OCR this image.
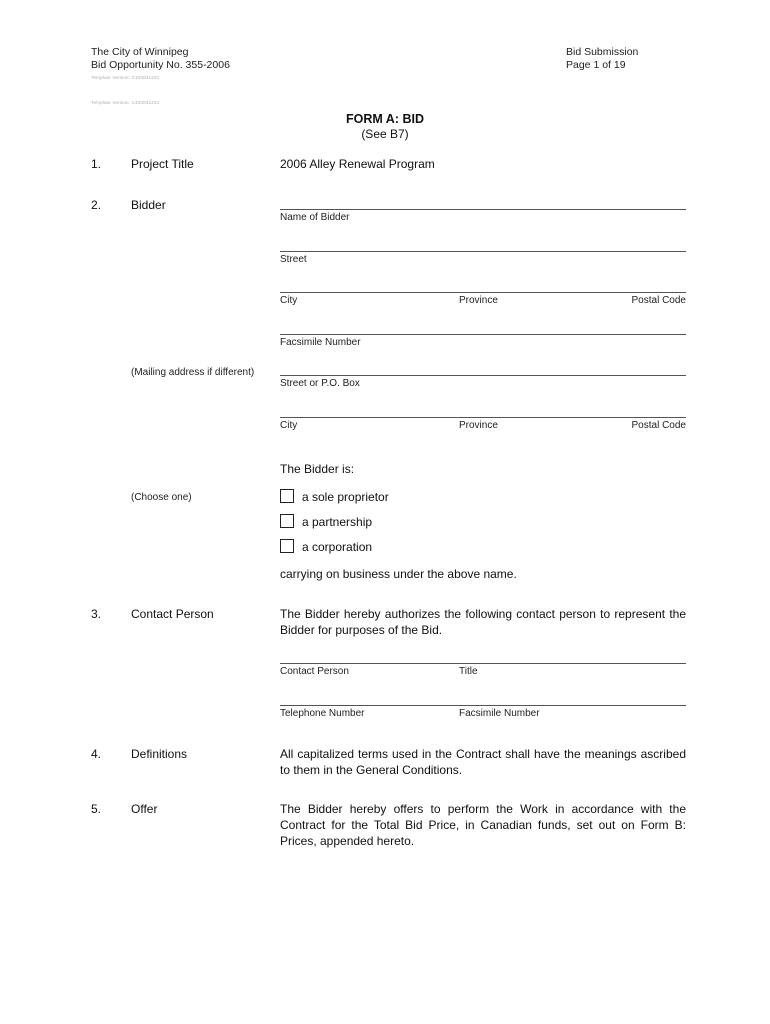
The City of Winnipeg
Bid Opportunity No. 355-2006
Bid Submission
Page 1 of 19
Template Version: C420041231
Template Version: C420041231
FORM A: BID
(See B7)
1. Project Title	2006 Alley Renewal Program
2. Bidder
Name of Bidder
Street
City	Province	Postal Code
Facsimile Number
(Mailing address if different)
Street or P.O. Box
City	Province	Postal Code
The Bidder is:
(Choose one)	a sole proprietor
a partnership
a corporation
carrying on business under the above name.
3. Contact Person	The Bidder hereby authorizes the following contact person to represent the Bidder for purposes of the Bid.
Contact Person	Title
Telephone Number	Facsimile Number
4. Definitions	All capitalized terms used in the Contract shall have the meanings ascribed to them in the General Conditions.
5. Offer	The Bidder hereby offers to perform the Work in accordance with the Contract for the Total Bid Price, in Canadian funds, set out on Form B: Prices, appended hereto.
